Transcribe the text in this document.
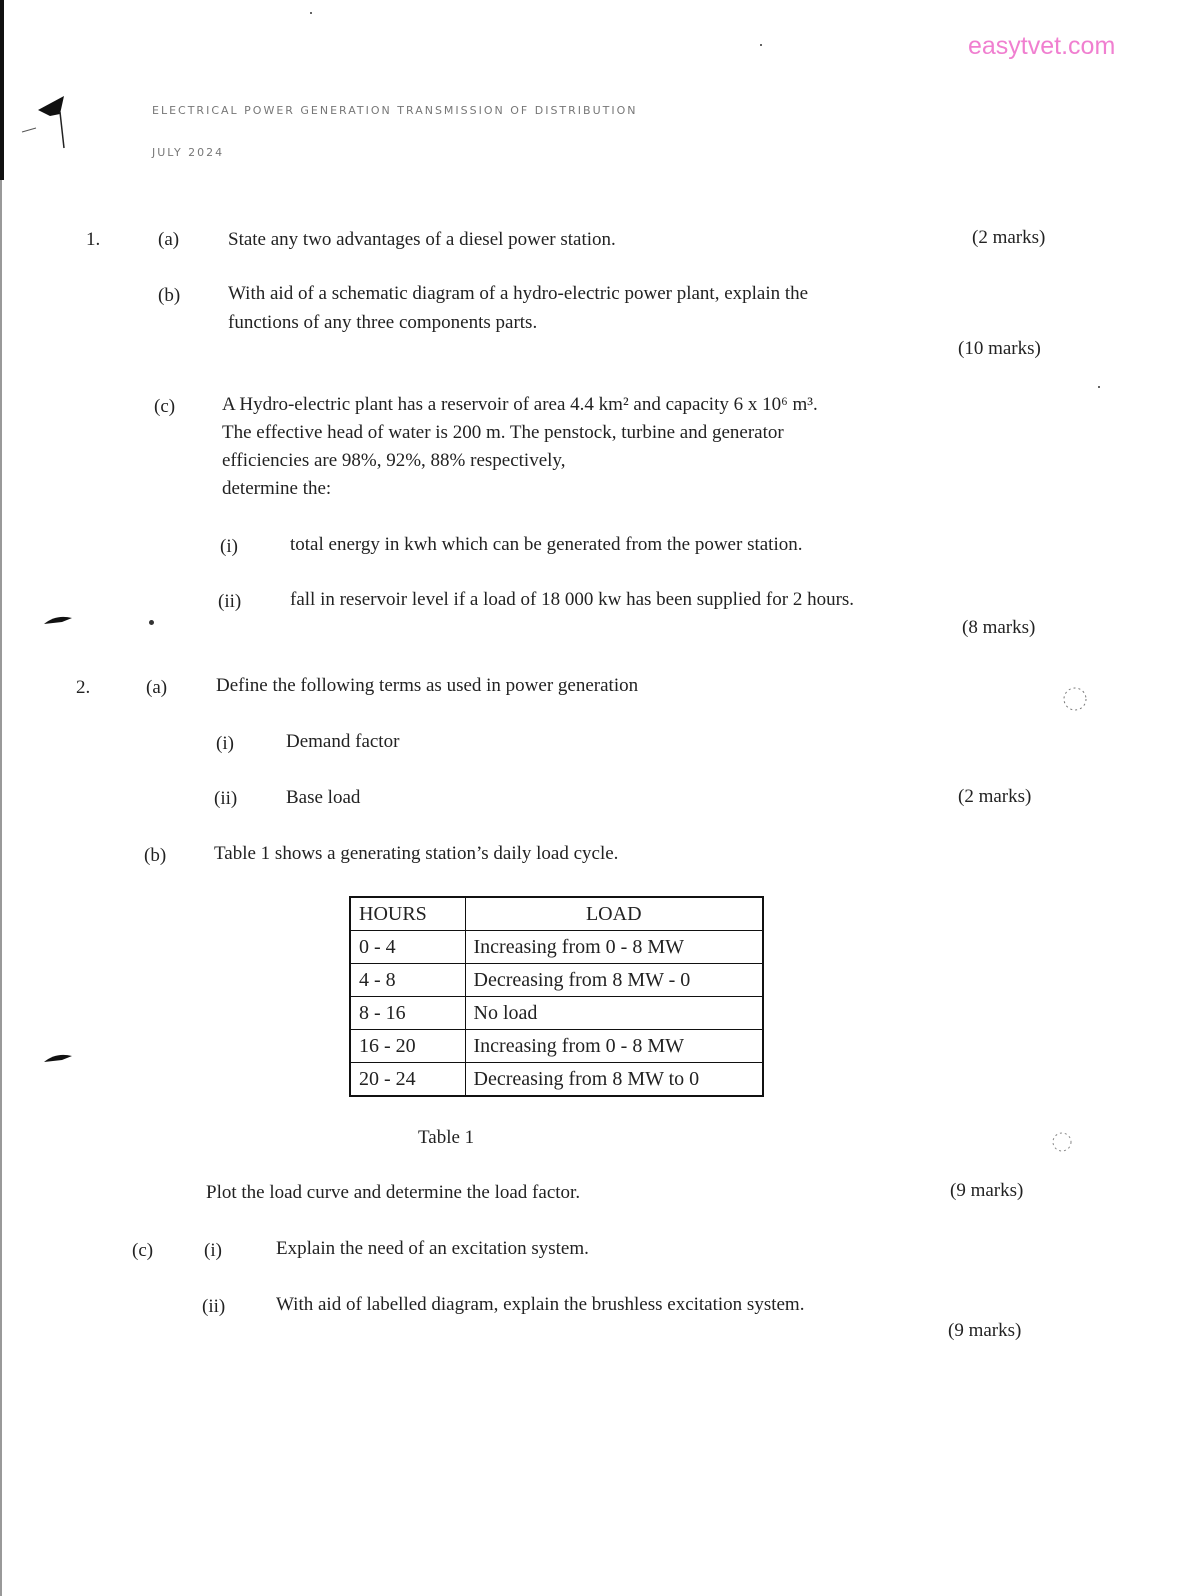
easytvet.com
ELECTRICAL POWER GENERATION TRANSMISSION OF DISTRIBUTION
JULY 2024
1.	(a)	State any two advantages of a diesel power station.	(2 marks)
(b)	With aid of a schematic diagram of a hydro-electric power plant, explain the
functions of any three components parts.
(10 marks)
(c) A Hydro-electric plant has a reservoir of area 4.4 km² and capacity 6 x 10⁶ m³.
The effective head of water is 200 m. The penstock, turbine and generator
efficiencies are 98%, 92%, 88% respectively,
determine the:
(i)	total energy in kwh which can be generated from the power station.
(ii)	fall in reservoir level if a load of 18 000 kw has been supplied for 2 hours.
(8 marks)
2.	(a)	Define the following terms as used in power generation
(i)	Demand factor
(ii)	Base load	(2 marks)
(b)	Table 1 shows a generating station’s daily load cycle.
HOURS	LOAD
0 - 4	Increasing from 0 - 8 MW
4 - 8	Decreasing from 8 MW - 0
8 - 16	No load
16 - 20	Increasing from 0 - 8 MW
20 - 24	Decreasing from 8 MW to 0
Table 1
Plot the load curve and determine the load factor.	(9 marks)
(c)	(i)	Explain the need of an excitation system.
(ii)	With aid of labelled diagram, explain the brushless excitation system.
(9 marks)
